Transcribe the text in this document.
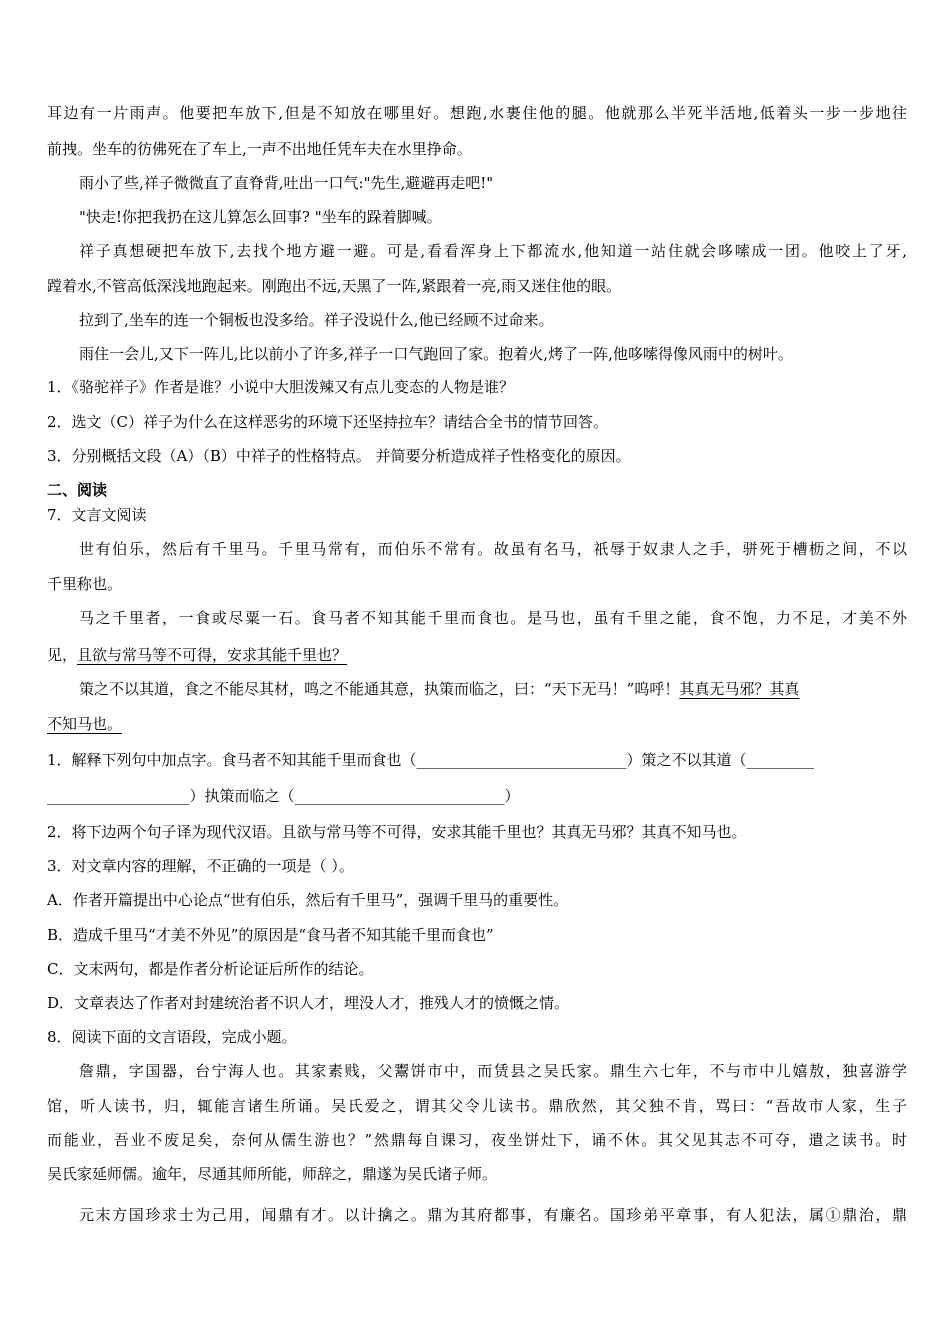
耳边有一片雨声。他要把车放下,但是不知放在哪里好。想跑,水裹住他的腿。他就那么半死半活地,低着头一步一步地往
前拽。坐车的彷佛死在了车上,一声不出地任凭车夫在水里挣命。
雨小了些,祥子微微直了直脊背,吐出一口气:"先生,避避再走吧!"
"快走!你把我扔在这儿算怎么回事? "坐车的跺着脚喊。
祥子真想硬把车放下,去找个地方避一避。可是,看看浑身上下都流水,他知道一站住就会哆嗦成一团。他咬上了牙,
蹚着水,不管高低深浅地跑起来。刚跑出不远,天黑了一阵,紧跟着一亮,雨又迷住他的眼。
拉到了,坐车的连一个铜板也没多给。祥子没说什么,他已经顾不过命来。
雨住一会儿,又下一阵儿,比以前小了许多,祥子一口气跑回了家。抱着火,烤了一阵,他哆嗦得像风雨中的树叶。
1．《骆驼祥子》作者是谁？小说中大胆泼辣又有点儿变态的人物是谁？
2．选文（C）祥子为什么在这样恶劣的环境下还坚持拉车？请结合全书的情节回答。
3．分别概括文段（A）（B）中祥子的性格特点。 并简要分析造成祥子性格变化的原因。
二、阅读
7．文言文阅读
世有伯乐，然后有千里马。千里马常有，而伯乐不常有。故虽有名马，祇辱于奴隶人之手，骈死于槽枥之间，不以
千里称也。
马之千里者，一食或尽粟一石。食马者不知其能千里而食也。是马也，虽有千里之能，食不饱，力不足，才美不外
见，且欲与常马等不可得，安求其能千里也？
策之不以其道，食之不能尽其材，鸣之不能通其意，执策而临之，曰：“天下无马！”呜呼！其真无马邪？其真
不知马也。
1．解释下列句中加点字。食马者不知其能千里而食也（____________________________）策之不以其道（_________
___________________）执策而临之（____________________________）
2．将下边两个句子译为现代汉语。且欲与常马等不可得，安求其能千里也？其真无马邪？其真不知马也。
3．对文章内容的理解，不正确的一项是（ ）。
A．作者开篇提出中心论点“世有伯乐，然后有千里马”，强调千里马的重要性。
B．造成千里马“才美不外见”的原因是“食马者不知其能千里而食也”
C．文末两句，都是作者分析论证后所作的结论。
D．文章表达了作者对封建统治者不识人才，埋没人才，推残人才的愤慨之情。
8．阅读下面的文言语段，完成小题。
詹鼎，字国器，台宁海人也。其家素贱，父鬻饼市中，而赁县之吴氏家。鼎生六七年，不与市中儿嬉敖，独喜游学
馆，听人读书，归，辄能言诸生所诵。吴氏爱之，谓其父令儿读书。鼎欣然，其父独不肯，骂曰：“吾故市人家，生子
而能业，吾业不废足矣，奈何从儒生游也？”然鼎每自课习，夜坐饼灶下，诵不休。其父见其志不可夺，遣之读书。时
吴氏家延师儒。逾年，尽通其师所能，师辞之，鼎遂为吴氏诸子师。
元末方国珍求士为己用，闻鼎有才。以计擒之。鼎为其府都事，有廉名。国珍弟平章事，有人犯法，属①鼎治，鼎
